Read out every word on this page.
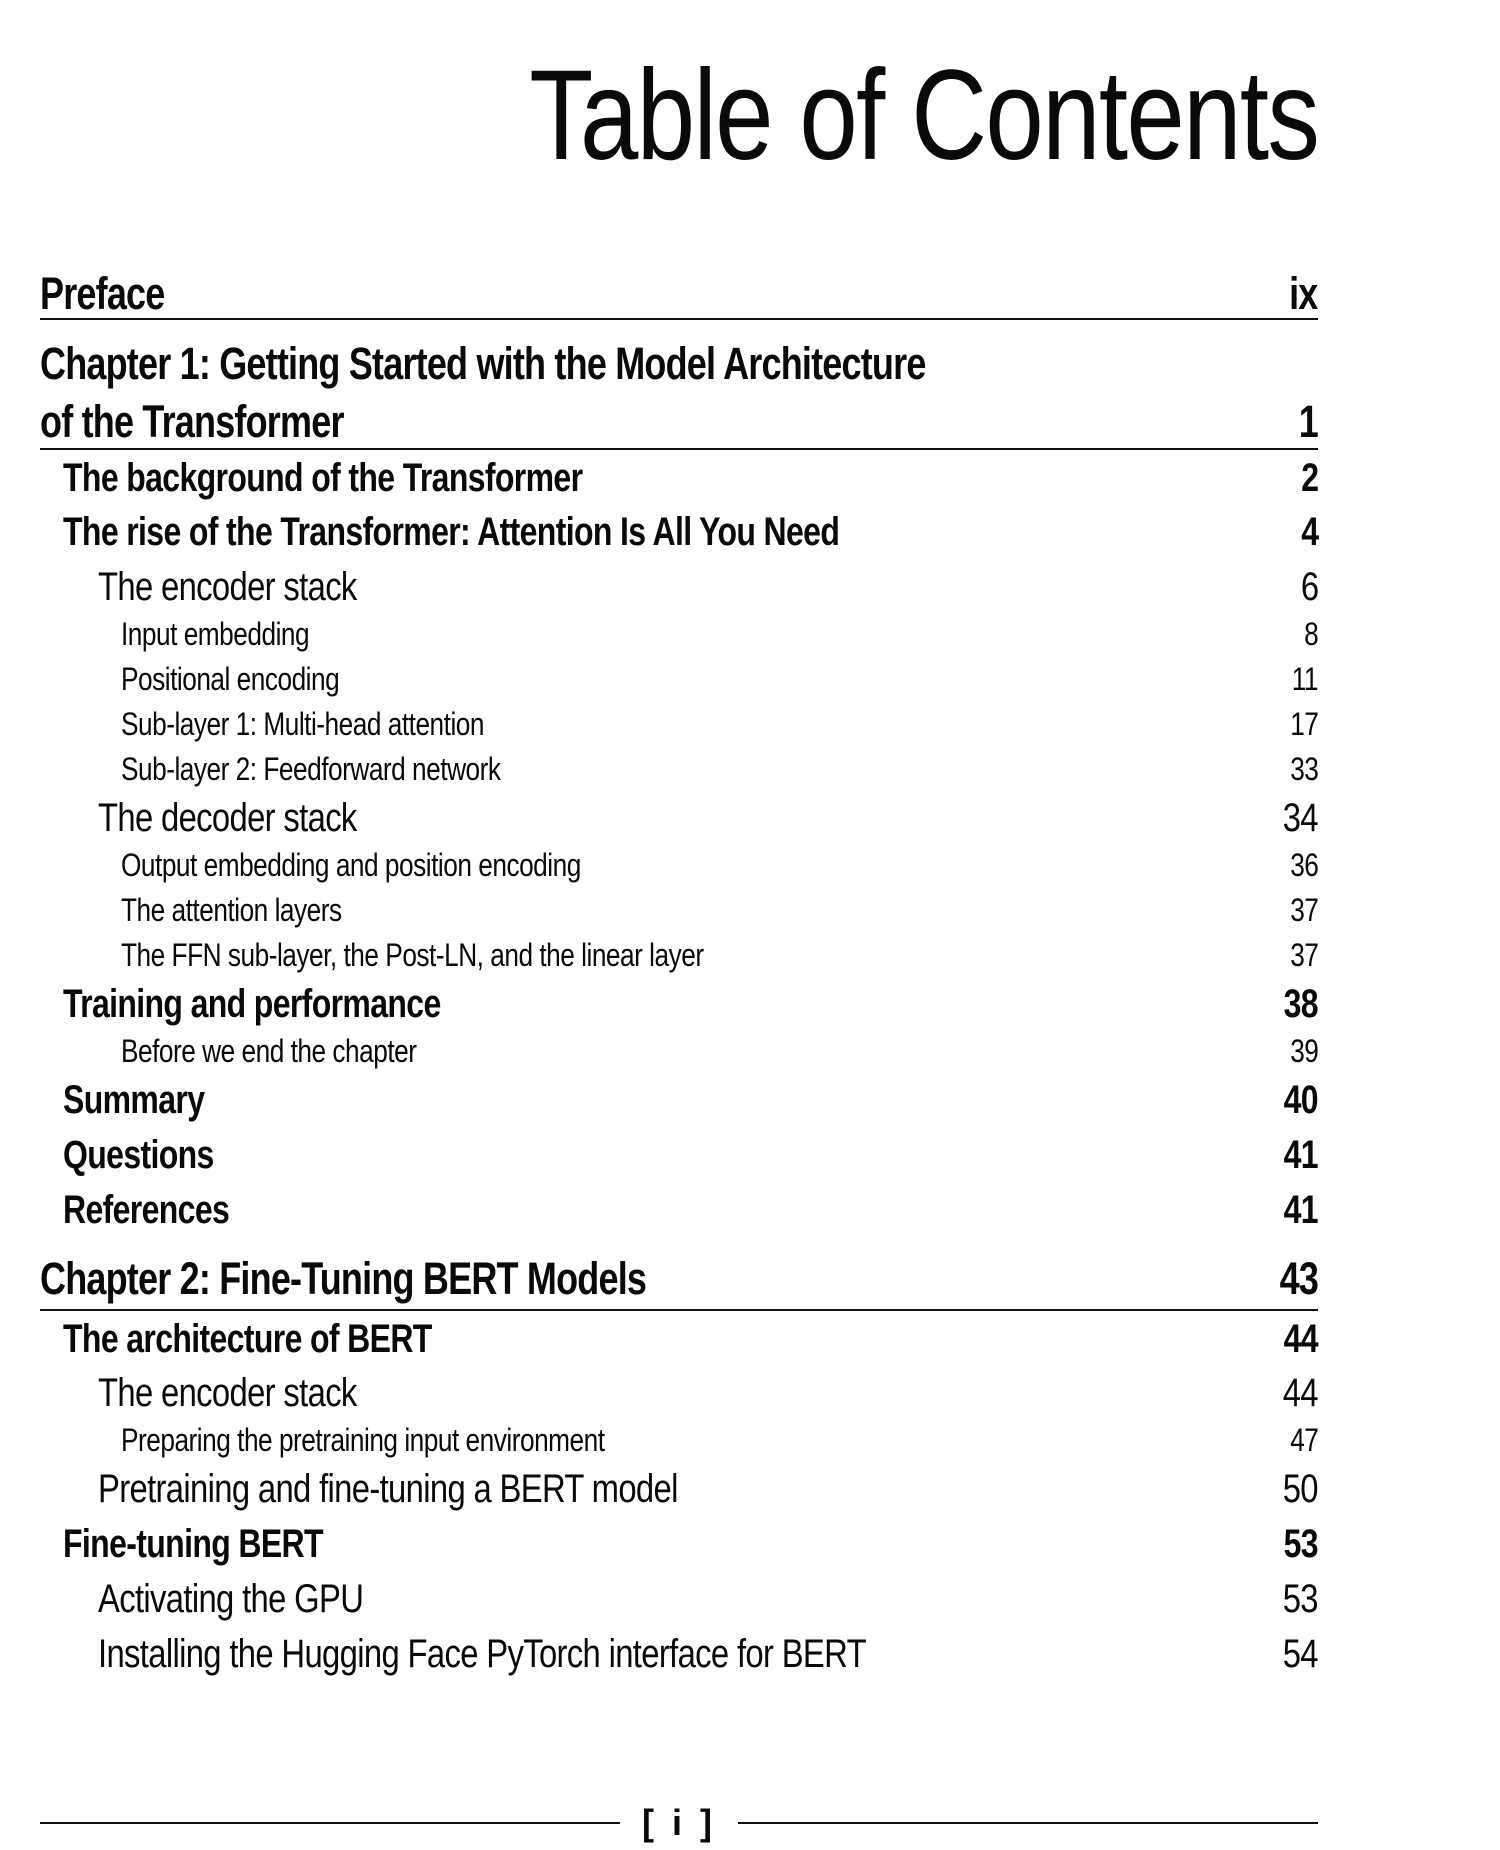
Table of Contents
Preface	ix
Chapter 1: Getting Started with the Model Architecture
of the Transformer	1
The background of the Transformer	2
The rise of the Transformer: Attention Is All You Need	4
The encoder stack	6
Input embedding	8
Positional encoding	11
Sub-layer 1: Multi-head attention	17
Sub-layer 2: Feedforward network	33
The decoder stack	34
Output embedding and position encoding	36
The attention layers	37
The FFN sub-layer, the Post-LN, and the linear layer	37
Training and performance	38
Before we end the chapter	39
Summary	40
Questions	41
References	41
Chapter 2: Fine-Tuning BERT Models	43
The architecture of BERT	44
The encoder stack	44
Preparing the pretraining input environment	47
Pretraining and fine-tuning a BERT model	50
Fine-tuning BERT	53
Activating the GPU	53
Installing the Hugging Face PyTorch interface for BERT	54
[ i ]
